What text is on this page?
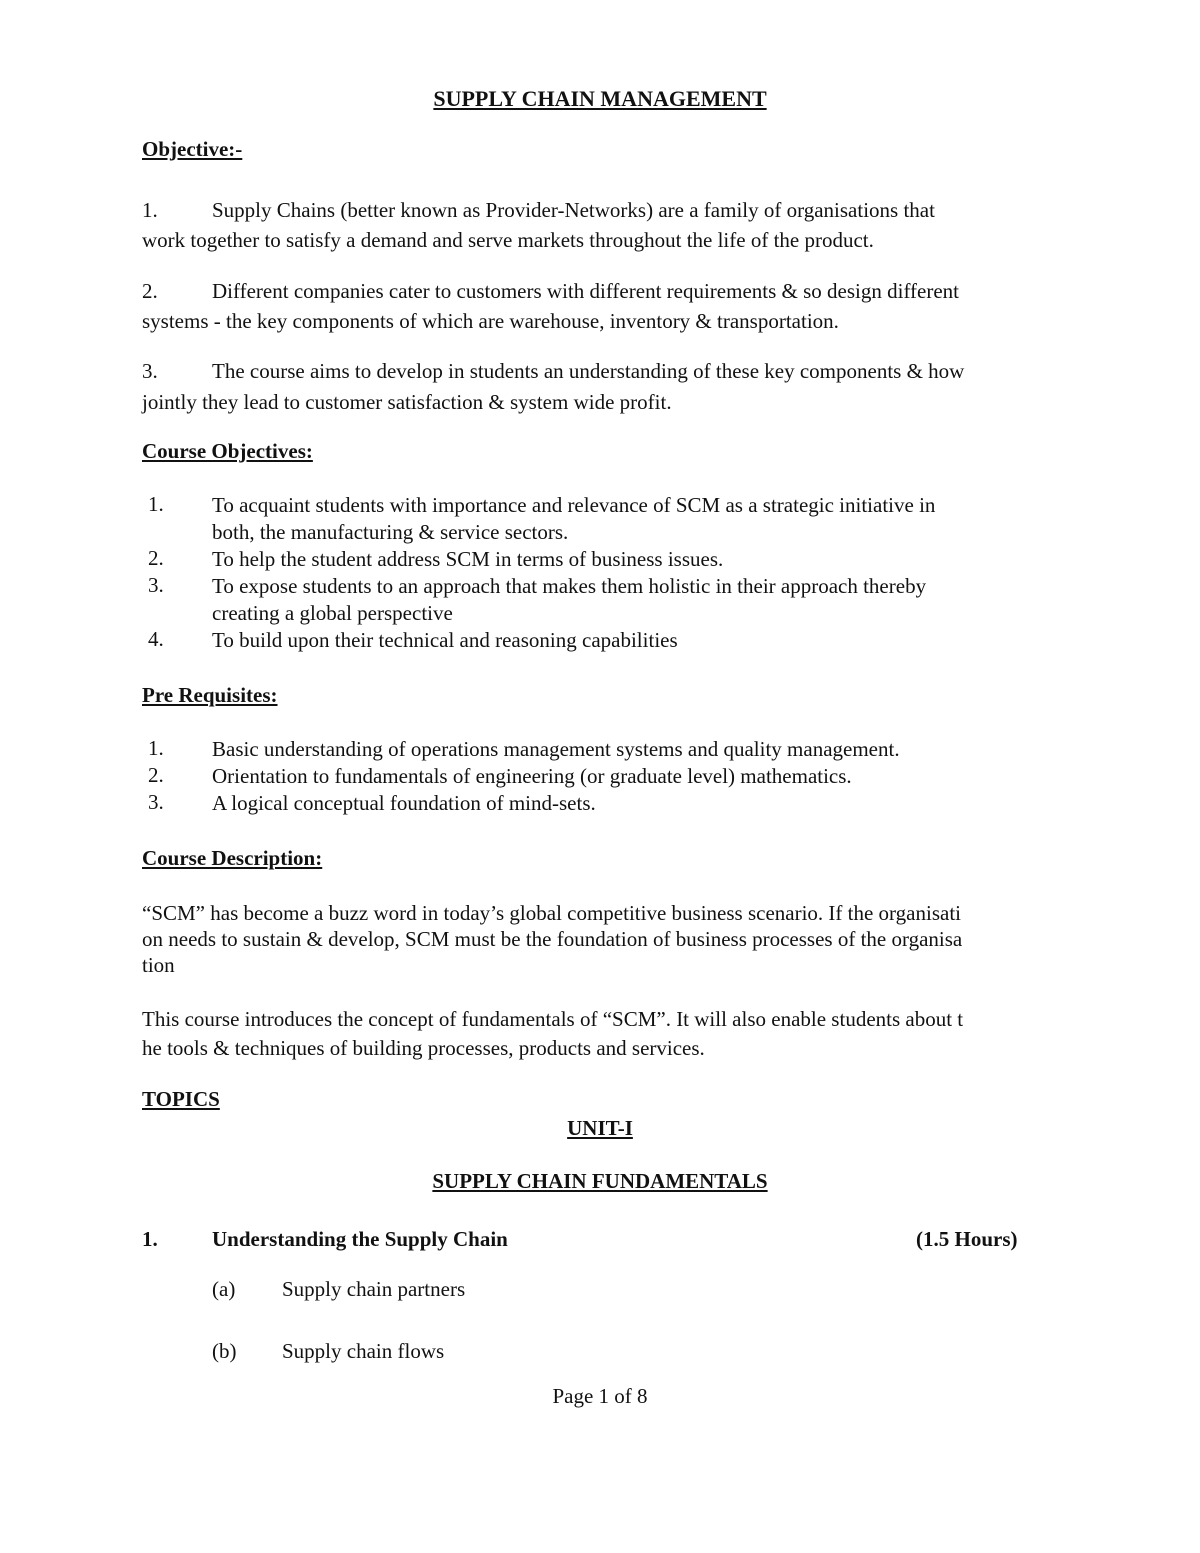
SUPPLY CHAIN MANAGEMENT
Objective:-
1.	Supply Chains (better known as Provider-Networks) are a family of organisations that
work together to satisfy a demand and serve markets throughout the life of the product.
2.	Different companies cater to customers with different requirements & so design different
systems - the key components of which are warehouse, inventory & transportation.
3.	The course aims to develop in students an understanding of these key components & how
jointly they lead to customer satisfaction & system wide profit.
Course Objectives:
1. To acquaint students with importance and relevance of SCM as a strategic initiative in
both, the manufacturing & service sectors.
2. To help the student address SCM in terms of business issues.
3. To expose students to an approach that makes them holistic in their approach thereby
creating a global perspective
4. To build upon their technical and reasoning capabilities
Pre Requisites:
1. Basic understanding of operations management systems and quality management.
2. Orientation to fundamentals of engineering (or graduate level) mathematics.
3. A logical conceptual foundation of mind-sets.
Course Description:
“SCM” has become a buzz word in today’s global competitive business scenario. If the organisati
on needs to sustain & develop, SCM must be the foundation of business processes of the organisa
tion
This course introduces the concept of fundamentals of “SCM”. It will also enable students about t
he tools & techniques of building processes, products and services.
TOPICS
UNIT-I
SUPPLY CHAIN FUNDAMENTALS
1.	Understanding the Supply Chain	(1.5 Hours)
(a) Supply chain partners
(b) Supply chain flows
Page 1 of 8
